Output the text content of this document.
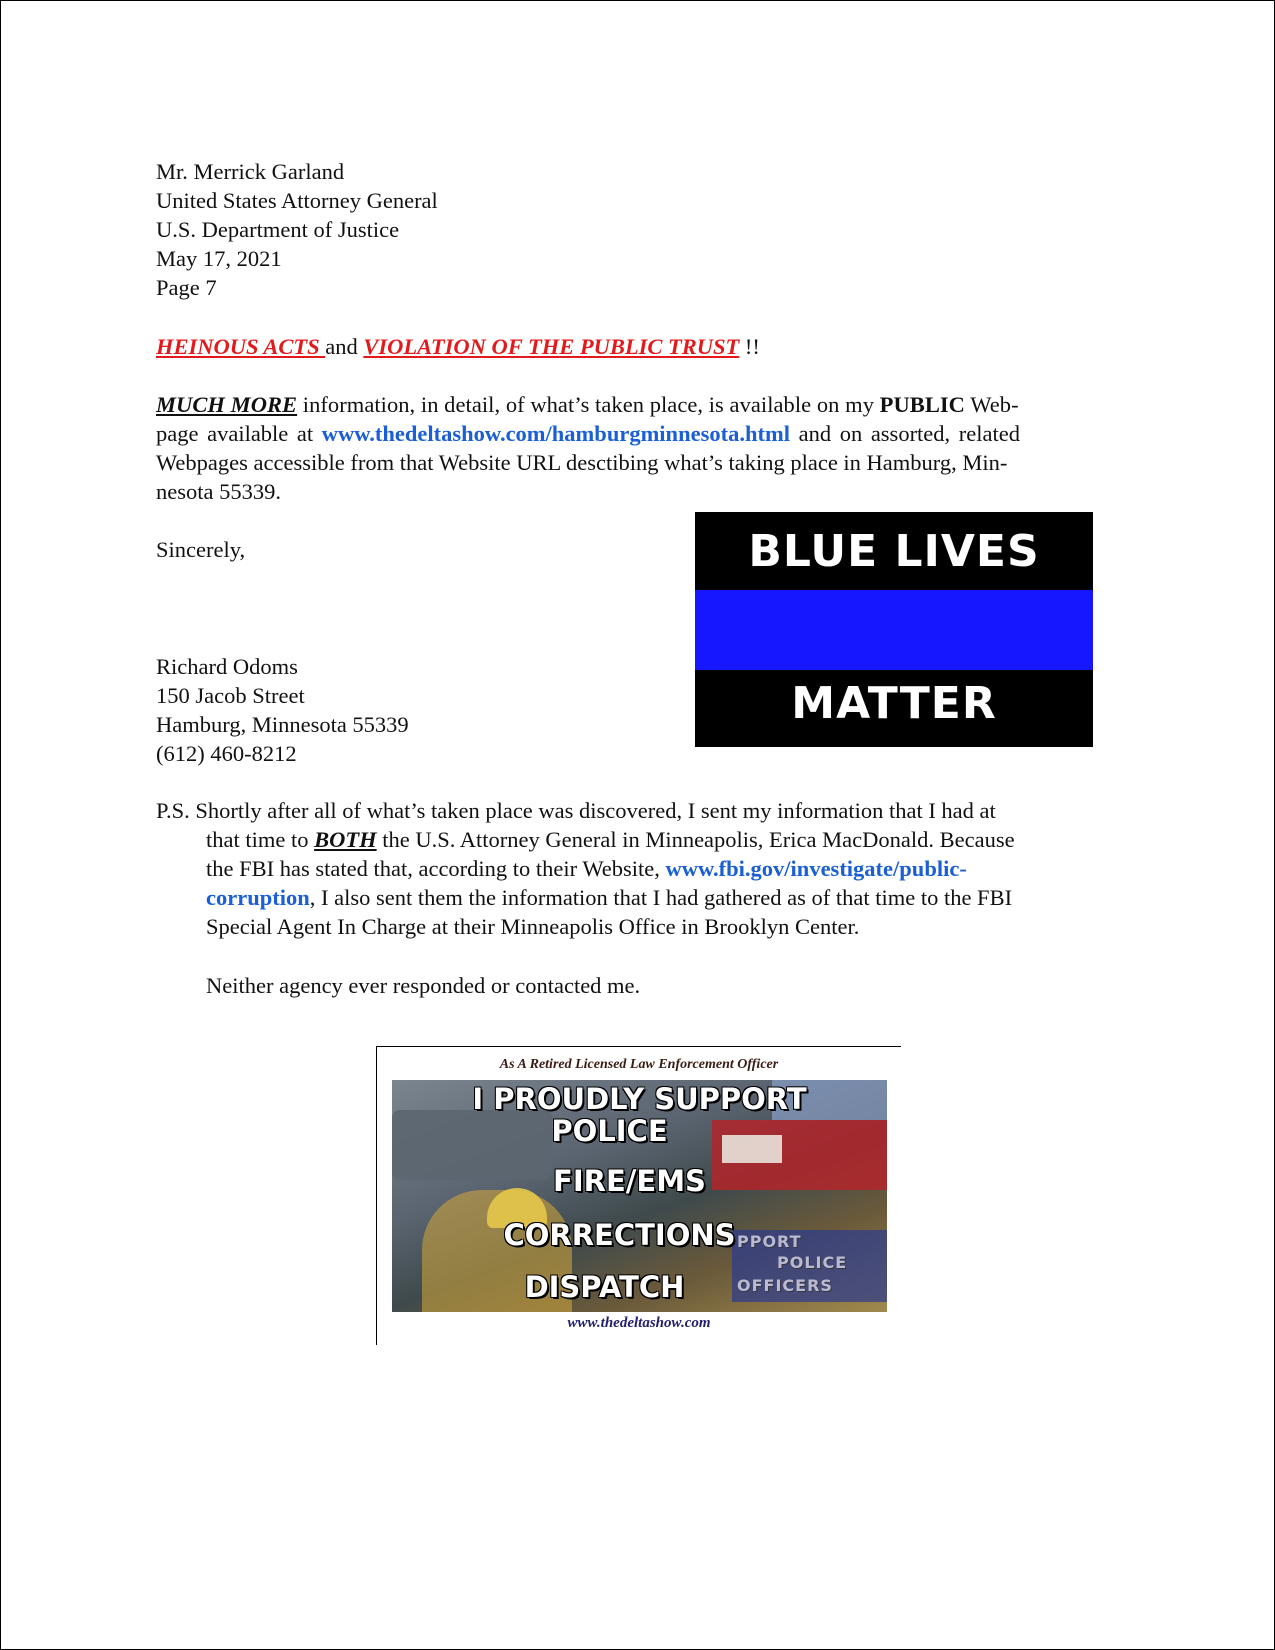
Mr. Merrick Garland
United States Attorney General
U.S. Department of Justice
May 17, 2021
Page 7
HEINOUS ACTS and VIOLATION OF THE PUBLIC TRUST !!
MUCH MORE information, in detail, of what’s taken place, is available on my PUBLIC Web-
page available at www.thedeltashow.com/hamburgminnesota.html and on assorted, related
Webpages accessible from that Website URL desctibing what’s taking place in Hamburg, Min-
nesota 55339.
Sincerely,
Richard Odoms
150 Jacob Street
Hamburg, Minnesota 55339
(612) 460-8212
BLUE LIVES
MATTER
P.S. Shortly after all of what’s taken place was discovered, I sent my information that I had at
that time to BOTH the U.S. Attorney General in Minneapolis, Erica MacDonald. Because
the FBI has stated that, according to their Website, www.fbi.gov/investigate/public-
corruption, I also sent them the information that I had gathered as of that time to the FBI
Special Agent In Charge at their Minneapolis Office in Brooklyn Center.
Neither agency ever responded or contacted me.
As A Retired Licensed Law Enforcement Officer
PPORT
POLICE
OFFICERS
I PROUDLY SUPPORT
POLICE
FIRE/EMS
CORRECTIONS
DISPATCH
www.thedeltashow.com
